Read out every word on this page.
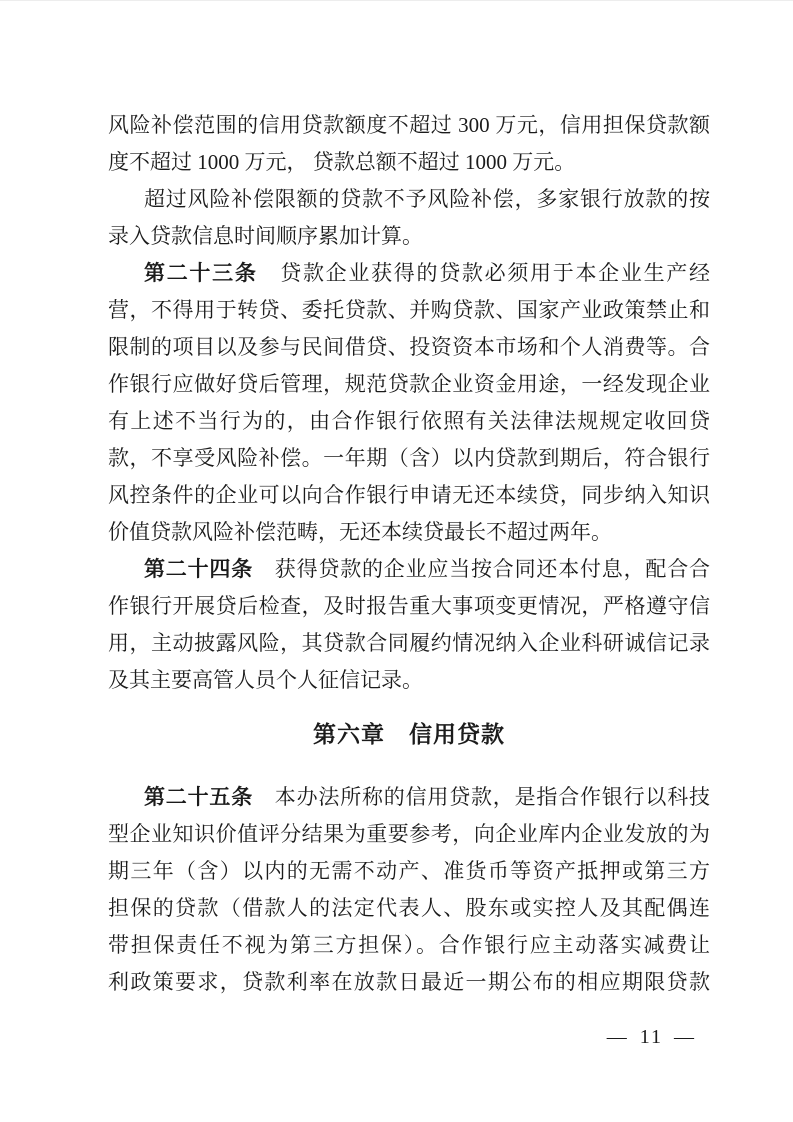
风险补偿范围的信用贷款额度不超过 300 万元，信用担保贷款额
度不超过 1000 万元， 贷款总额不超过 1000 万元。
超过风险补偿限额的贷款不予风险补偿，多家银行放款的按
录入贷款信息时间顺序累加计算。
第二十三条　贷款企业获得的贷款必须用于本企业生产经
营，不得用于转贷、委托贷款、并购贷款、国家产业政策禁止和
限制的项目以及参与民间借贷、投资资本市场和个人消费等。合
作银行应做好贷后管理，规范贷款企业资金用途，一经发现企业
有上述不当行为的，由合作银行依照有关法律法规规定收回贷
款，不享受风险补偿。一年期（含）以内贷款到期后，符合银行
风控条件的企业可以向合作银行申请无还本续贷，同步纳入知识
价值贷款风险补偿范畴，无还本续贷最长不超过两年。
第二十四条　获得贷款的企业应当按合同还本付息，配合合
作银行开展贷后检查，及时报告重大事项变更情况，严格遵守信
用，主动披露风险，其贷款合同履约情况纳入企业科研诚信记录
及其主要高管人员个人征信记录。
第六章　信用贷款
第二十五条　本办法所称的信用贷款，是指合作银行以科技
型企业知识价值评分结果为重要参考，向企业库内企业发放的为
期三年（含）以内的无需不动产、准货币等资产抵押或第三方
担保的贷款（借款人的法定代表人、股东或实控人及其配偶连
带担保责任不视为第三方担保）。合作银行应主动落实减费让
利政策要求，贷款利率在放款日最近一期公布的相应期限贷款
— 11 —
